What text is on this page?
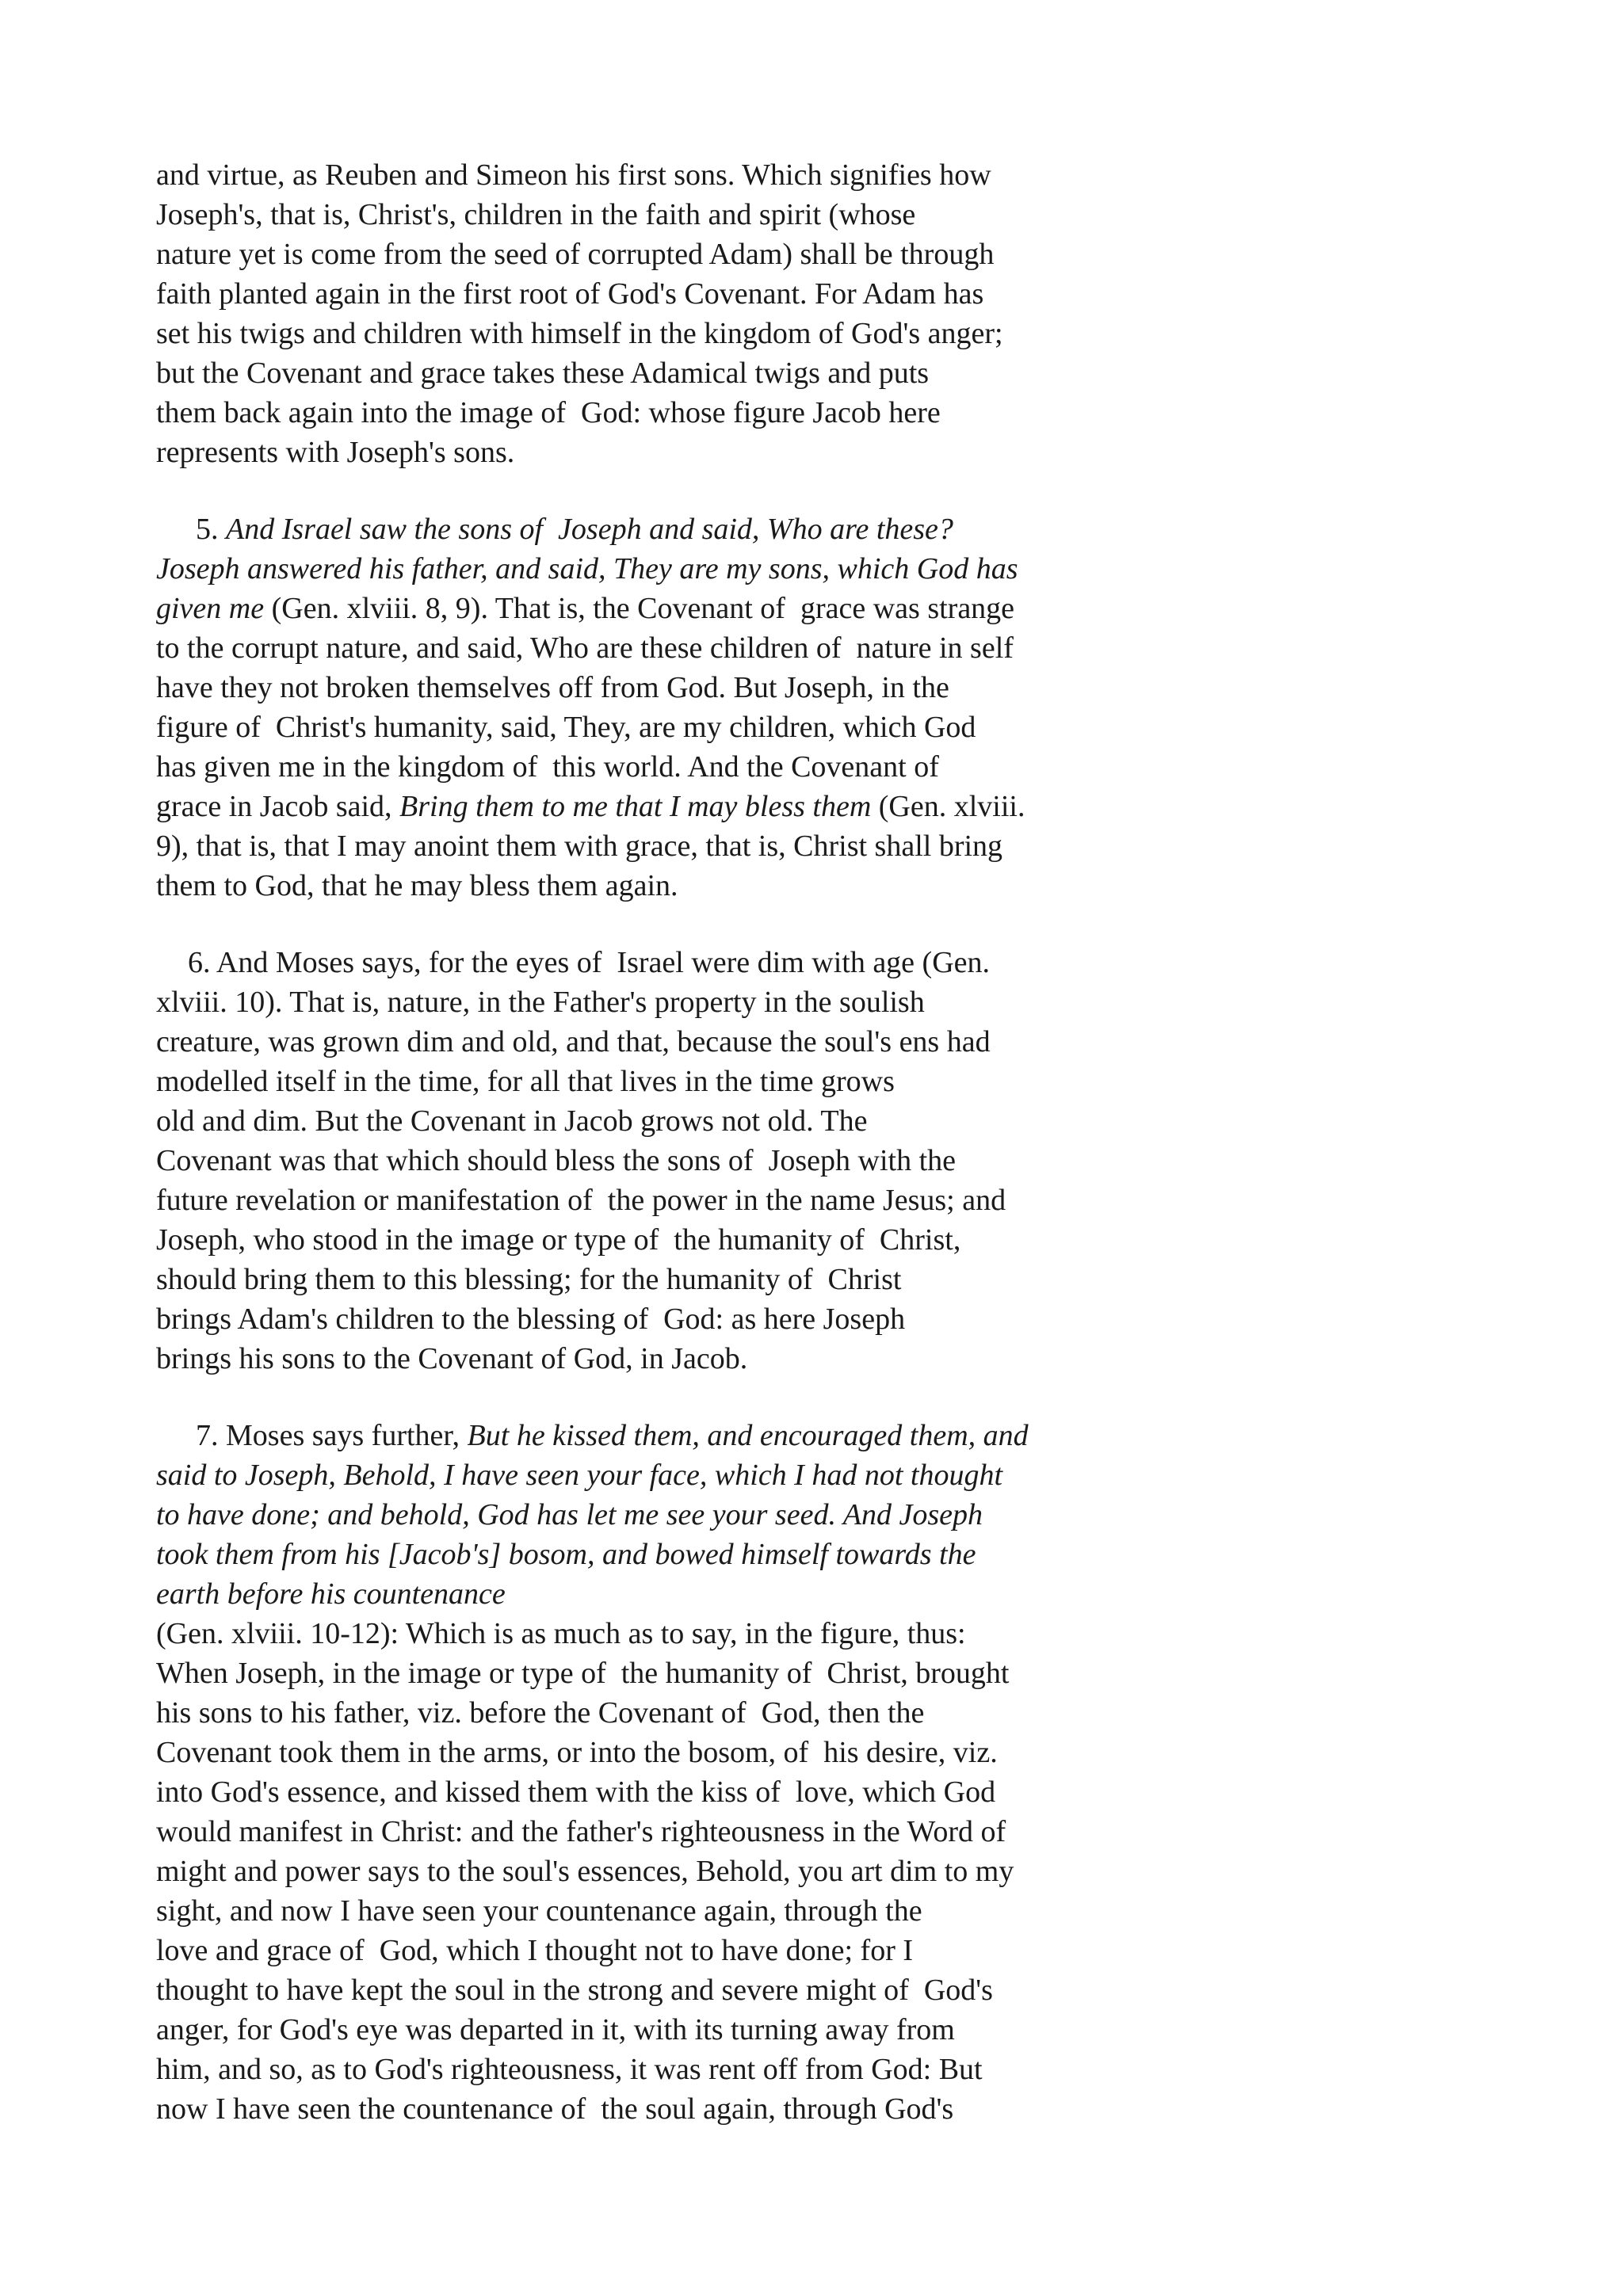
and virtue, as Reuben and Simeon his first sons. Which signifies how
Joseph's, that is, Christ's, children in the faith and spirit (whose
nature yet is come from the seed of corrupted Adam) shall be through
faith planted again in the first root of God's Covenant. For Adam has
set his twigs and children with himself in the kingdom of God's anger;
but the Covenant and grace takes these Adamical twigs and puts
them back again into the image of  God: whose figure Jacob here
represents with Joseph's sons.
5. And Israel saw the sons of  Joseph and said, Who are these?
Joseph answered his father, and said, They are my sons, which God has
given me (Gen. xlviii. 8, 9). That is, the Covenant of  grace was strange
to the corrupt nature, and said, Who are these children of  nature in self
have they not broken themselves off from God. But Joseph, in the
figure of  Christ's humanity, said, They, are my children, which God
has given me in the kingdom of  this world. And the Covenant of
grace in Jacob said, Bring them to me that I may bless them (Gen. xlviii.
9), that is, that I may anoint them with grace, that is, Christ shall bring
them to God, that he may bless them again.
6. And Moses says, for the eyes of  Israel were dim with age (Gen.
xlviii. 10). That is, nature, in the Father's property in the soulish
creature, was grown dim and old, and that, because the soul's ens had
modelled itself in the time, for all that lives in the time grows
old and dim. But the Covenant in Jacob grows not old. The
Covenant was that which should bless the sons of  Joseph with the
future revelation or manifestation of  the power in the name Jesus; and
Joseph, who stood in the image or type of  the humanity of  Christ,
should bring them to this blessing; for the humanity of  Christ
brings Adam's children to the blessing of  God: as here Joseph
brings his sons to the Covenant of God, in Jacob.
7. Moses says further, But he kissed them, and encouraged them, and
said to Joseph, Behold, I have seen your face, which I had not thought
to have done; and behold, God has let me see your seed. And Joseph
took them from his [Jacob's] bosom, and bowed himself towards the
earth before his countenance
(Gen. xlviii. 10-12): Which is as much as to say, in the figure, thus:
When Joseph, in the image or type of  the humanity of  Christ, brought
his sons to his father, viz. before the Covenant of  God, then the
Covenant took them in the arms, or into the bosom, of  his desire, viz.
into God's essence, and kissed them with the kiss of  love, which God
would manifest in Christ: and the father's righteousness in the Word of
might and power says to the soul's essences, Behold, you art dim to my
sight, and now I have seen your countenance again, through the
love and grace of  God, which I thought not to have done; for I
thought to have kept the soul in the strong and severe might of  God's
anger, for God's eye was departed in it, with its turning away from
him, and so, as to God's righteousness, it was rent off from God: But
now I have seen the countenance of  the soul again, through God's
